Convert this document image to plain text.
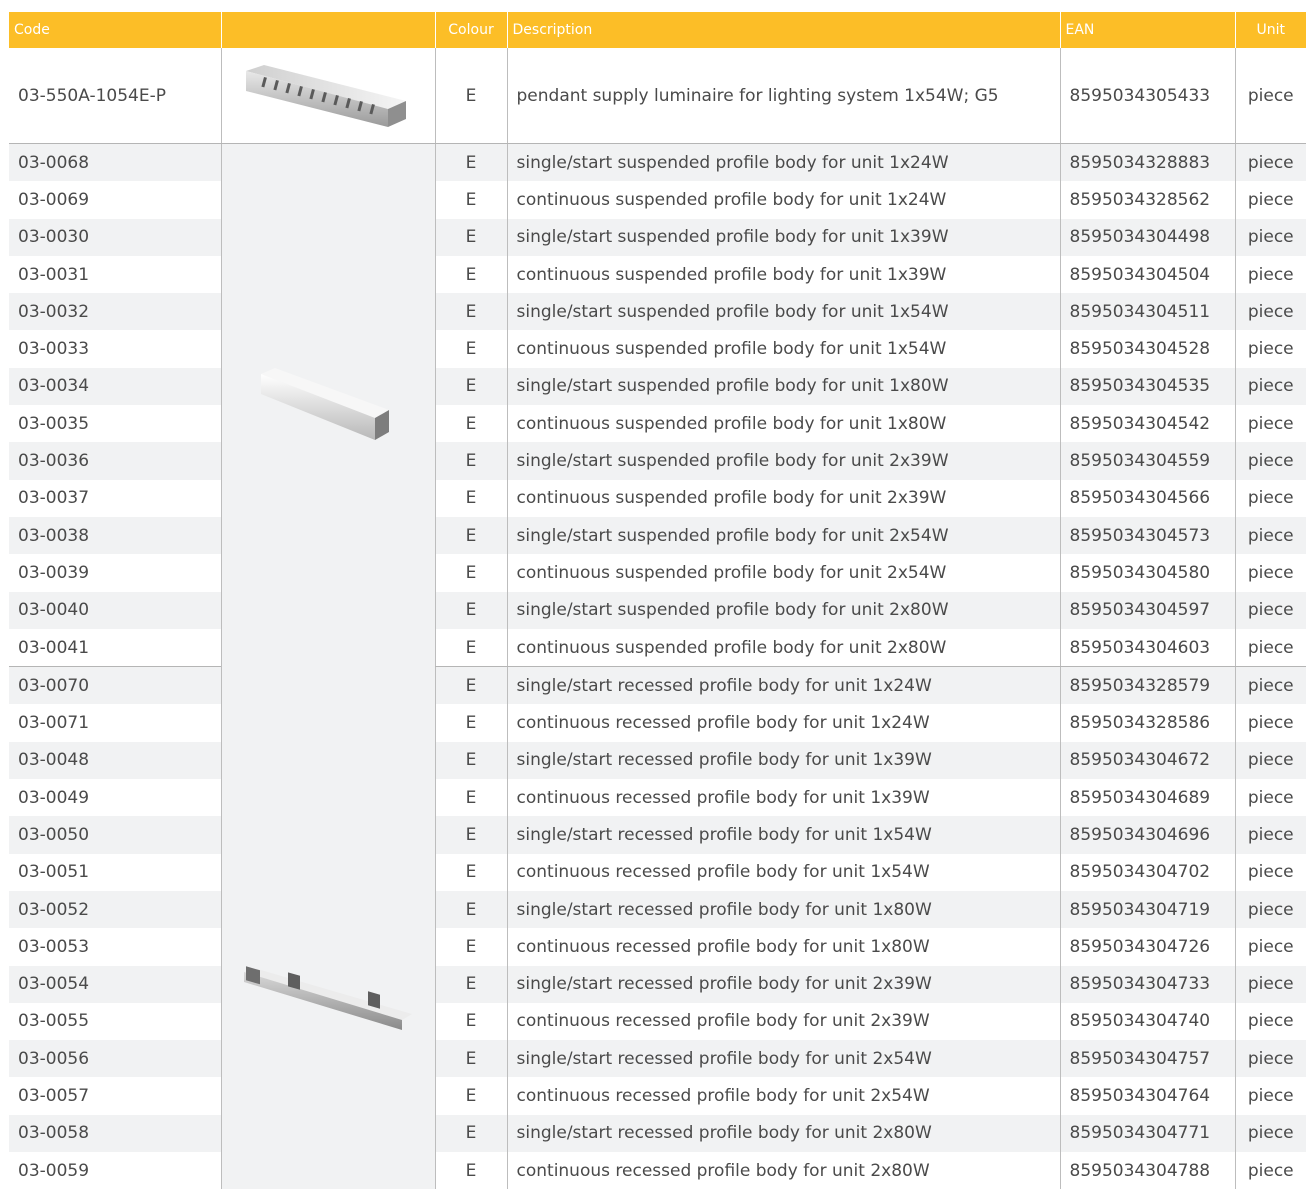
Code		Colour	Description	EAN	Unit
03-550A-1054E-P		E	pendant supply luminaire for lighting system 1x54W; G5	8595034305433	piece
03-0068		E	single/start suspended profile body for unit 1x24W	8595034328883	piece
03-0069		E	continuous suspended profile body for unit 1x24W	8595034328562	piece
03-0030		E	single/start suspended profile body for unit 1x39W	8595034304498	piece
03-0031		E	continuous suspended profile body for unit 1x39W	8595034304504	piece
03-0032		E	single/start suspended profile body for unit 1x54W	8595034304511	piece
03-0033		E	continuous suspended profile body for unit 1x54W	8595034304528	piece
03-0034		E	single/start suspended profile body for unit 1x80W	8595034304535	piece
03-0035		E	continuous suspended profile body for unit 1x80W	8595034304542	piece
03-0036		E	single/start suspended profile body for unit 2x39W	8595034304559	piece
03-0037		E	continuous suspended profile body for unit 2x39W	8595034304566	piece
03-0038		E	single/start suspended profile body for unit 2x54W	8595034304573	piece
03-0039		E	continuous suspended profile body for unit 2x54W	8595034304580	piece
03-0040		E	single/start suspended profile body for unit 2x80W	8595034304597	piece
03-0041		E	continuous suspended profile body for unit 2x80W	8595034304603	piece
03-0070		E	single/start recessed profile body for unit 1x24W	8595034328579	piece
03-0071		E	continuous recessed profile body for unit 1x24W	8595034328586	piece
03-0048		E	single/start recessed profile body for unit 1x39W	8595034304672	piece
03-0049		E	continuous recessed profile body for unit 1x39W	8595034304689	piece
03-0050		E	single/start recessed profile body for unit 1x54W	8595034304696	piece
03-0051		E	continuous recessed profile body for unit 1x54W	8595034304702	piece
03-0052		E	single/start recessed profile body for unit 1x80W	8595034304719	piece
03-0053		E	continuous recessed profile body for unit 1x80W	8595034304726	piece
03-0054		E	single/start recessed profile body for unit 2x39W	8595034304733	piece
03-0055		E	continuous recessed profile body for unit 2x39W	8595034304740	piece
03-0056		E	single/start recessed profile body for unit 2x54W	8595034304757	piece
03-0057		E	continuous recessed profile body for unit 2x54W	8595034304764	piece
03-0058		E	single/start recessed profile body for unit 2x80W	8595034304771	piece
03-0059		E	continuous recessed profile body for unit 2x80W	8595034304788	piece
